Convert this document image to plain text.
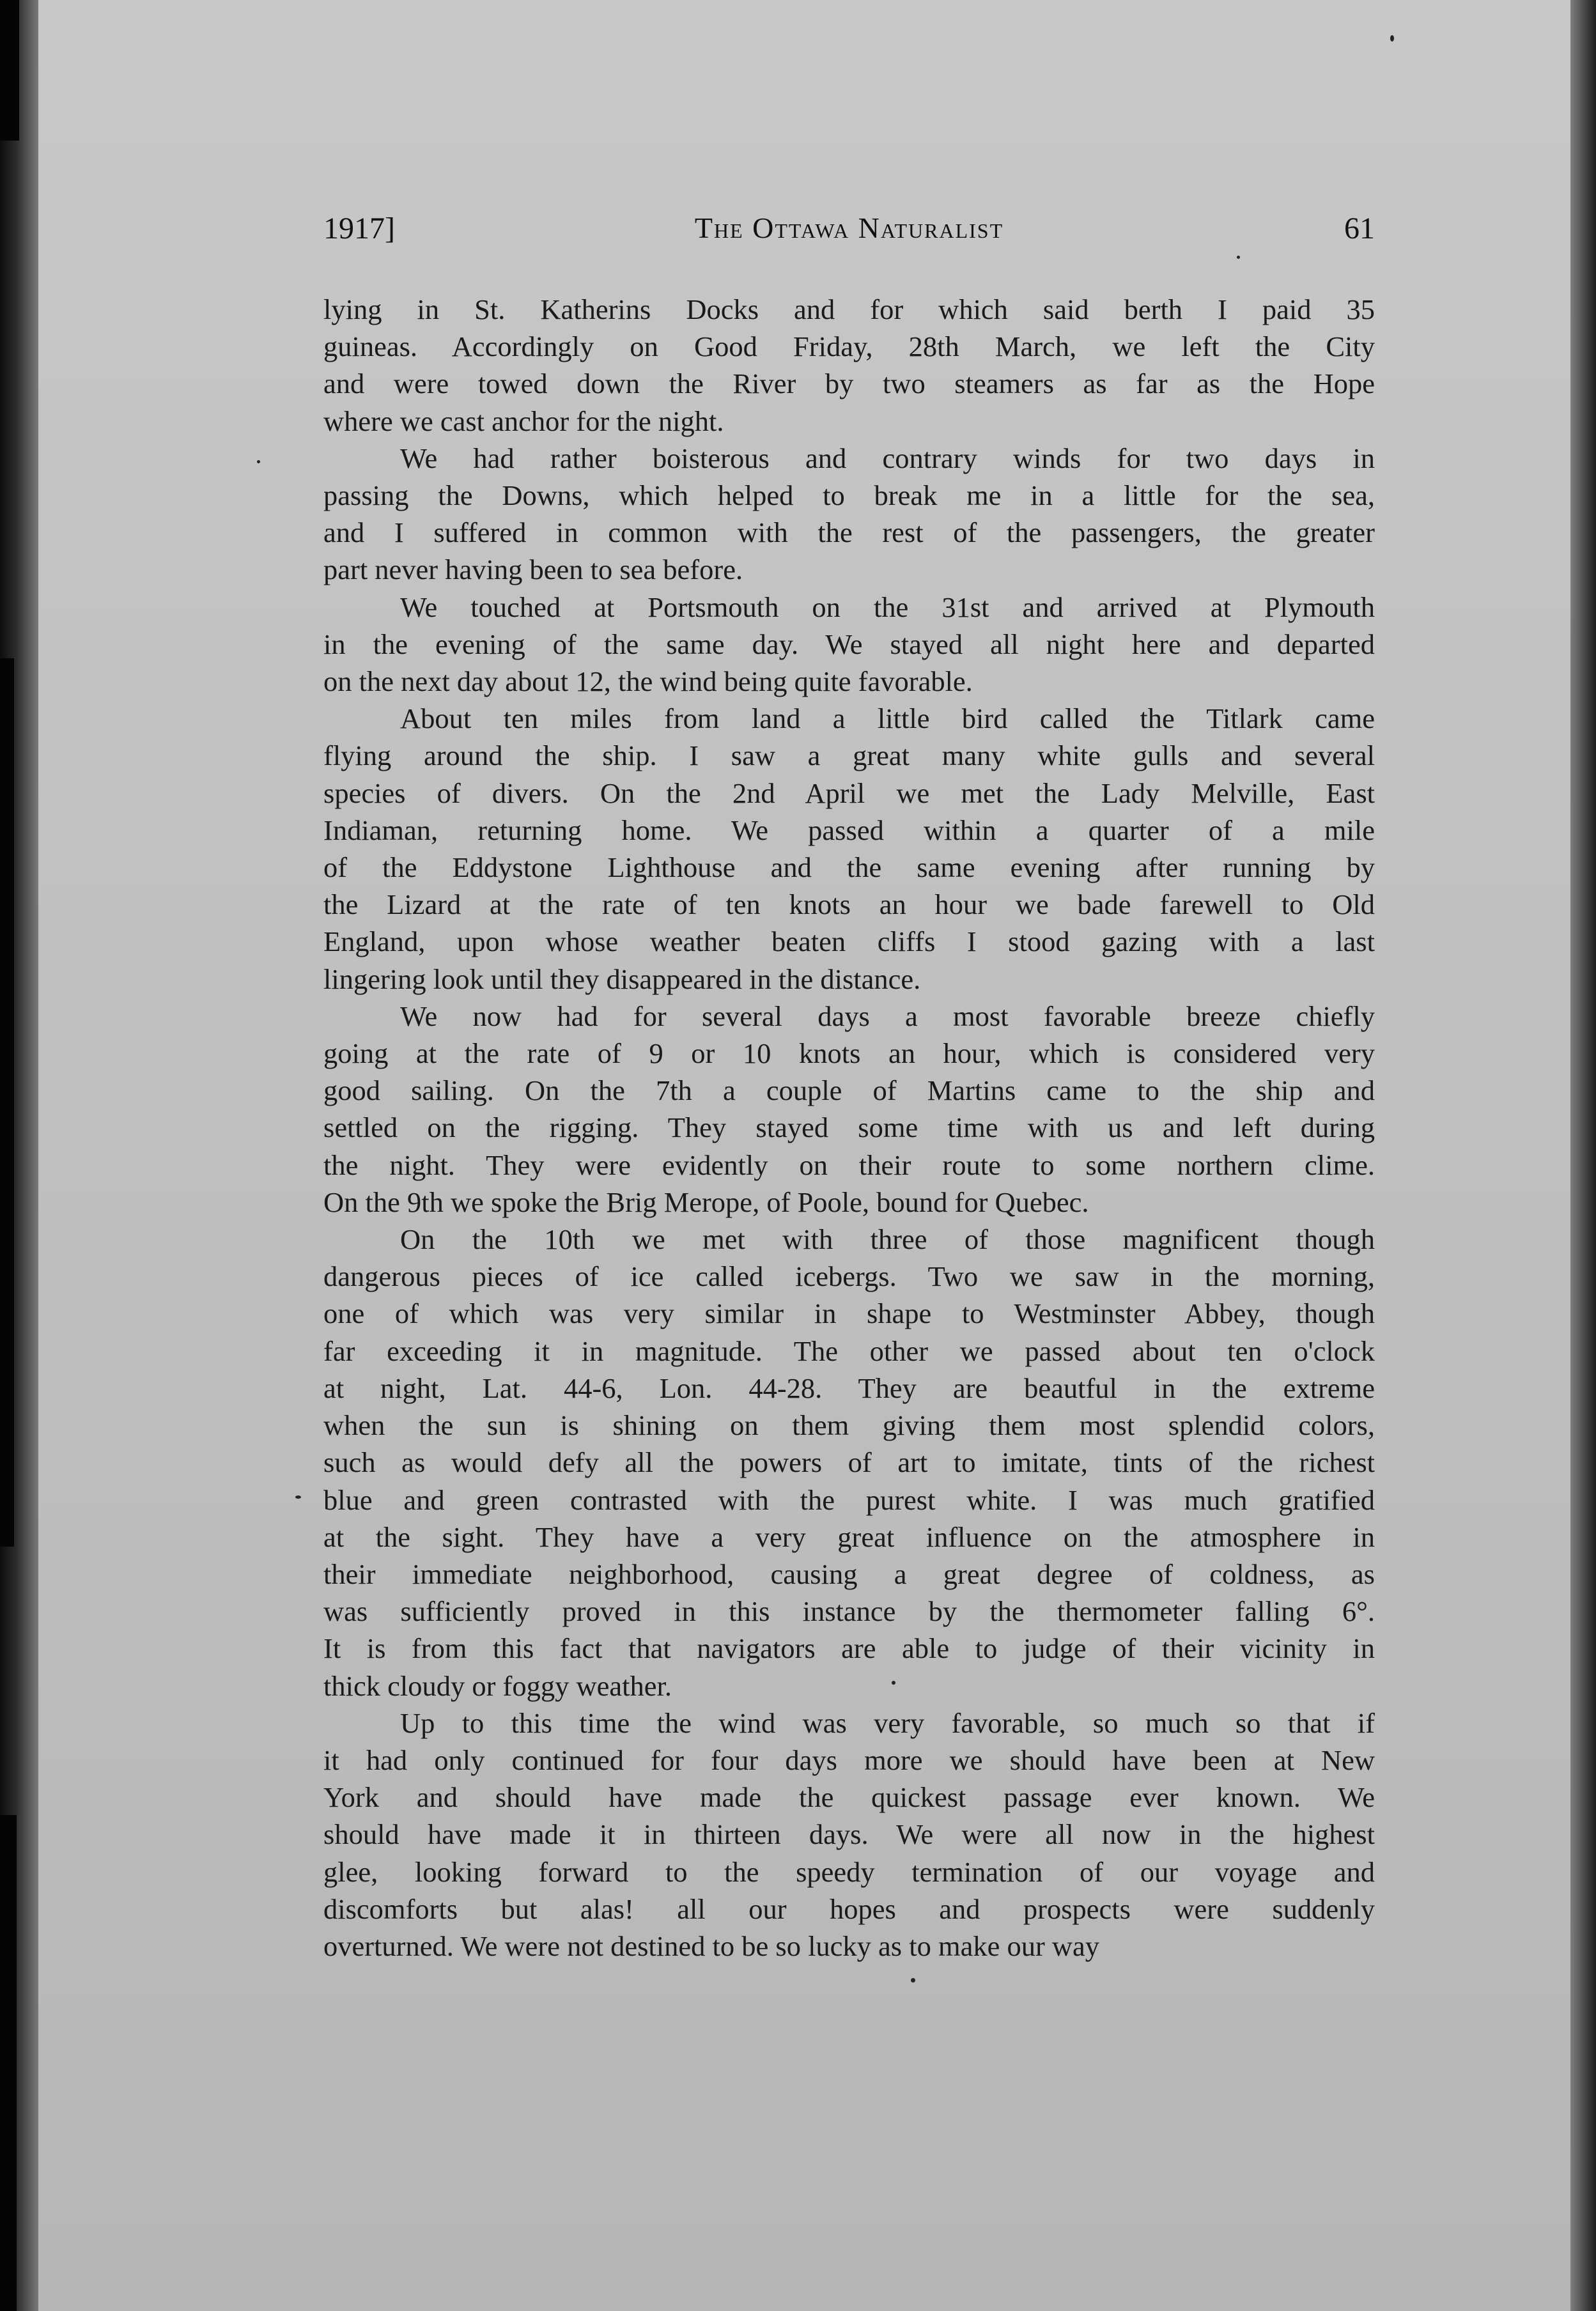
1917]	The Ottawa Naturalist	61

lying in St. Katherins Docks and for which said berth I paid 35
guineas. Accordingly on Good Friday, 28th March, we left the City
and were towed down the River by two steamers as far as the Hope
where we cast anchor for the night.

We had rather boisterous and contrary winds for two days in
passing the Downs, which helped to break me in a little for the sea,
and I suffered in common with the rest of the passengers, the greater
part never having been to sea before.

We touched at Portsmouth on the 31st and arrived at Plymouth
in the evening of the same day. We stayed all night here and departed
on the next day about 12, the wind being quite favorable.

About ten miles from land a little bird called the Titlark came
flying around the ship. I saw a great many white gulls and several
species of divers. On the 2nd April we met the Lady Melville, East
Indiaman, returning home. We passed within a quarter of a mile
of the Eddystone Lighthouse and the same evening after running by
the Lizard at the rate of ten knots an hour we bade farewell to Old
England, upon whose weather beaten cliffs I stood gazing with a last
lingering look until they disappeared in the distance.

We now had for several days a most favorable breeze chiefly
going at the rate of 9 or 10 knots an hour, which is considered very
good sailing. On the 7th a couple of Martins came to the ship and
settled on the rigging. They stayed some time with us and left during
the night. They were evidently on their route to some northern clime.
On the 9th we spoke the Brig Merope, of Poole, bound for Quebec.

On the 10th we met with three of those magnificent though
dangerous pieces of ice called icebergs. Two we saw in the morning,
one of which was very similar in shape to Westminster Abbey, though
far exceeding it in magnitude. The other we passed about ten o'clock
at night, Lat. 44-6, Lon. 44-28. They are beautful in the extreme
when the sun is shining on them giving them most splendid colors,
such as would defy all the powers of art to imitate, tints of the richest
blue and green contrasted with the purest white. I was much gratified
at the sight. They have a very great influence on the atmosphere in
their immediate neighborhood, causing a great degree of coldness, as
was sufficiently proved in this instance by the thermometer falling 6°.
It is from this fact that navigators are able to judge of their vicinity in
thick cloudy or foggy weather.

Up to this time the wind was very favorable, so much so that if
it had only continued for four days more we should have been at New
York and should have made the quickest passage ever known. We
should have made it in thirteen days. We were all now in the highest
glee, looking forward to the speedy termination of our voyage and
discomforts but alas! all our hopes and prospects were suddenly
overturned. We were not destined to be so lucky as to make our way
